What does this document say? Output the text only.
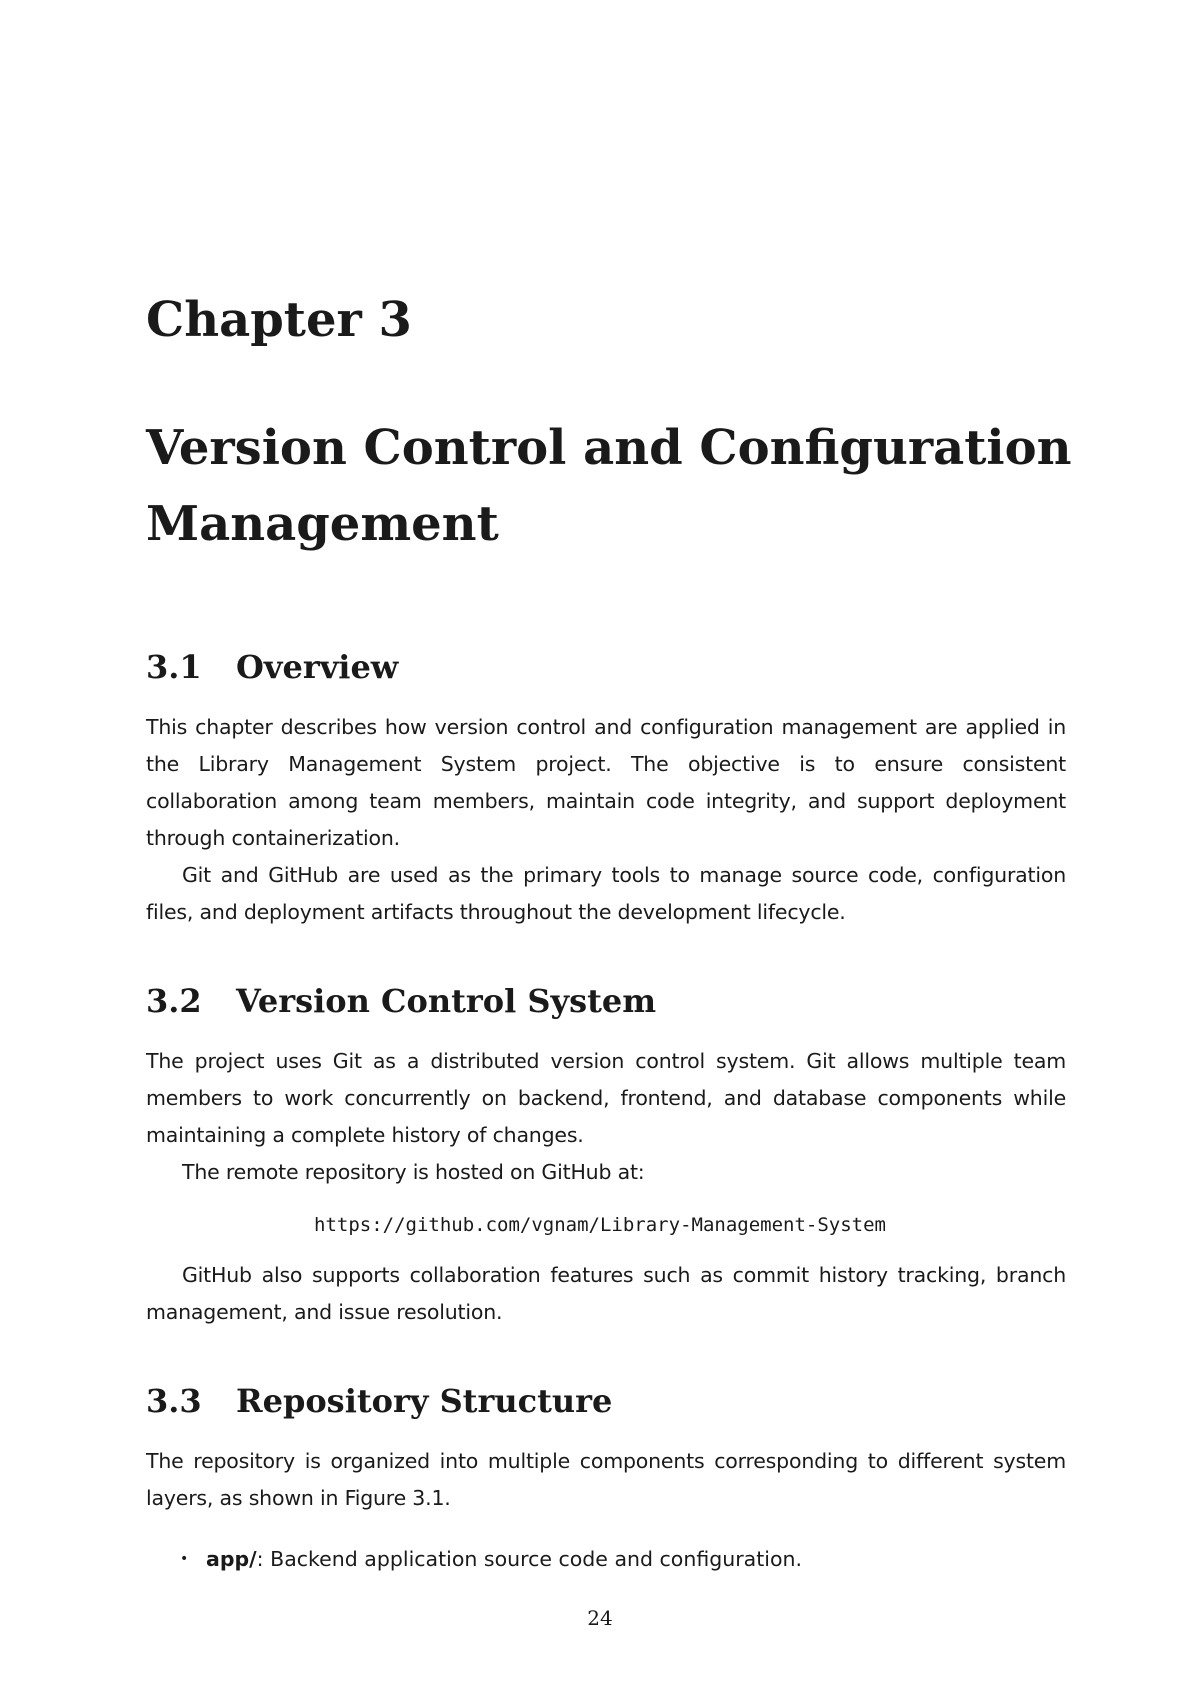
Chapter 3
Version Control and Configuration Management
3.1 Overview

This chapter describes how version control and configuration management are applied in the Library Management System project. The objective is to ensure consistent collaboration among team members, maintain code integrity, and support deployment through containerization.

Git and GitHub are used as the primary tools to manage source code, configuration files, and deployment artifacts throughout the development lifecycle.

3.2 Version Control System

The project uses Git as a distributed version control system. Git allows multiple team members to work concurrently on backend, frontend, and database components while maintaining a complete history of changes.

The remote repository is hosted on GitHub at:

https://github.com/vgnam/Library-Management-System

GitHub also supports collaboration features such as commit history tracking, branch management, and issue resolution.

3.3 Repository Structure

The repository is organized into multiple components corresponding to different system layers, as shown in Figure 3.1.

• app/: Backend application source code and configuration.

24
